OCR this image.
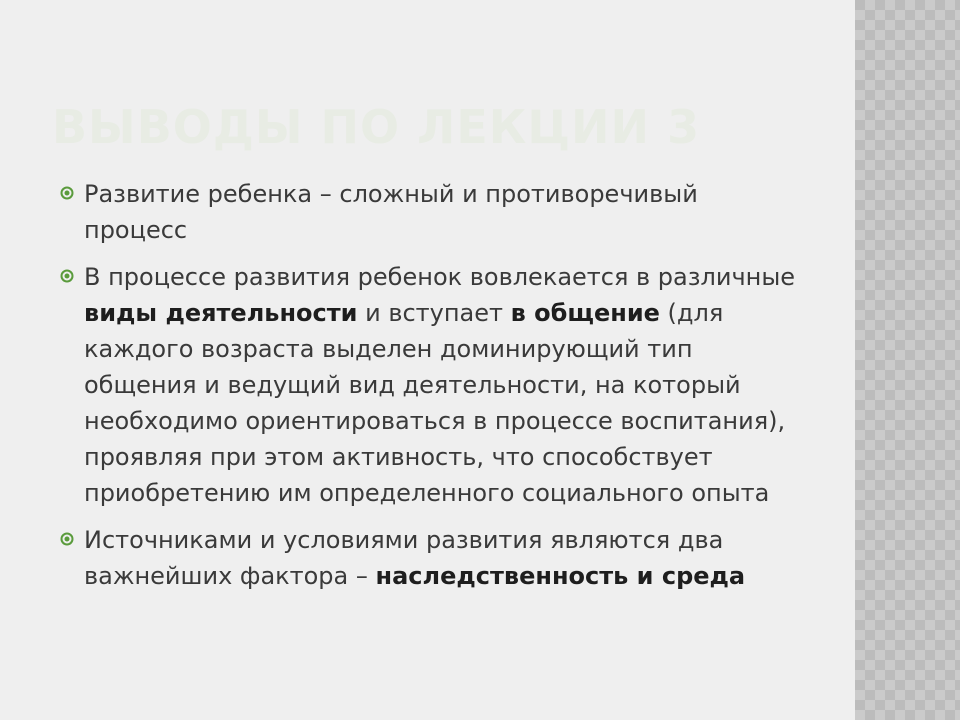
ВЫВОДЫ ПО ЛЕКЦИИ 3
Развитие ребенка – сложный и противоречивый процесс
В процессе развития ребенок вовлекается в различные виды деятельности и вступает в общение (для каждого возраста выделен доминирующий тип общения и ведущий вид деятельности, на который необходимо ориентироваться в процессе воспитания), проявляя при этом активность, что способствует приобретению им определенного социального опыта
Источниками и условиями развития являются два важнейших фактора – наследственность и среда
